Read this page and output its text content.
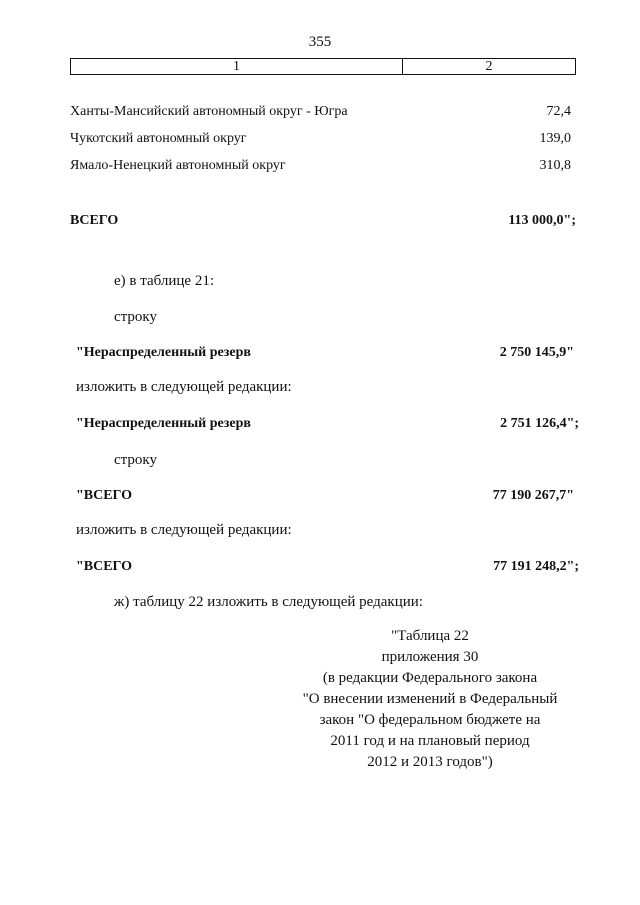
355
1	2
Ханты-Мансийский автономный округ - Югра	72,4
Чукотский автономный округ	139,0
Ямало-Ненецкий автономный округ	310,8
ВСЕГО	113 000,0";
е) в таблице 21:
строку
"Нераспределенный резерв	2 750 145,9"
изложить в следующей редакции:
"Нераспределенный резерв	2 751 126,4";
строку
"ВСЕГО	77 190 267,7"
изложить в следующей редакции:
"ВСЕГО	77 191 248,2";
ж) таблицу 22 изложить в следующей редакции:
"Таблица 22
приложения 30
(в редакции Федерального закона
"О внесении изменений в Федеральный
закон "О федеральном бюджете на
2011 год и на плановый период
2012 и 2013 годов")
